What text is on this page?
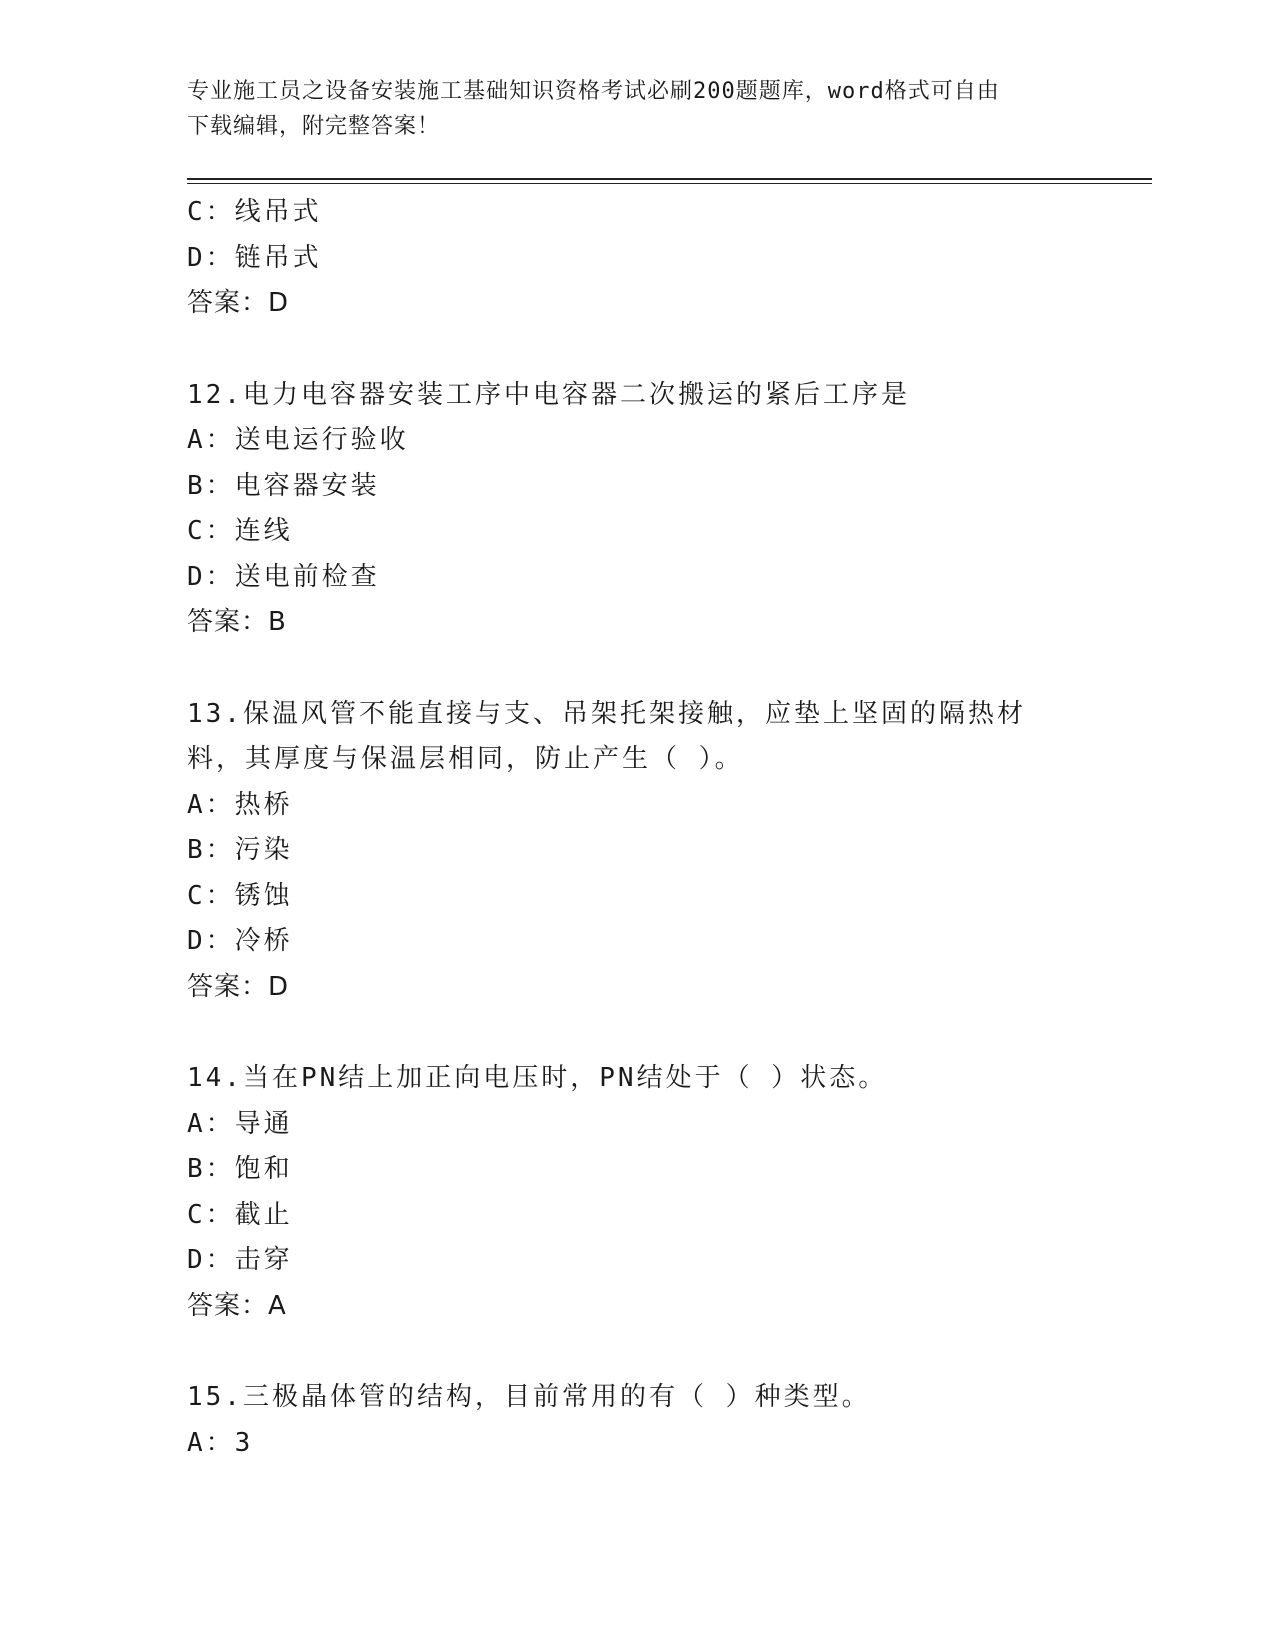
专业施工员之设备安装施工基础知识资格考试必刷200题题库，word格式可自由
下载编辑，附完整答案！
C：线吊式
D：链吊式
答案：D
12.电力电容器安装工序中电容器二次搬运的紧后工序是
A：送电运行验收
B：电容器安装
C：连线
D：送电前检查
答案：B
13.保温风管不能直接与支、吊架托架接触，应垫上坚固的隔热材料，其厚度与保温层相同，防止产生（ ）。
A：热桥
B：污染
C：锈蚀
D：冷桥
答案：D
14.当在PN结上加正向电压时，PN结处于（ ）状态。
A：导通
B：饱和
C：截止
D：击穿
答案：A
15.三极晶体管的结构，目前常用的有（ ）种类型。
A：3
